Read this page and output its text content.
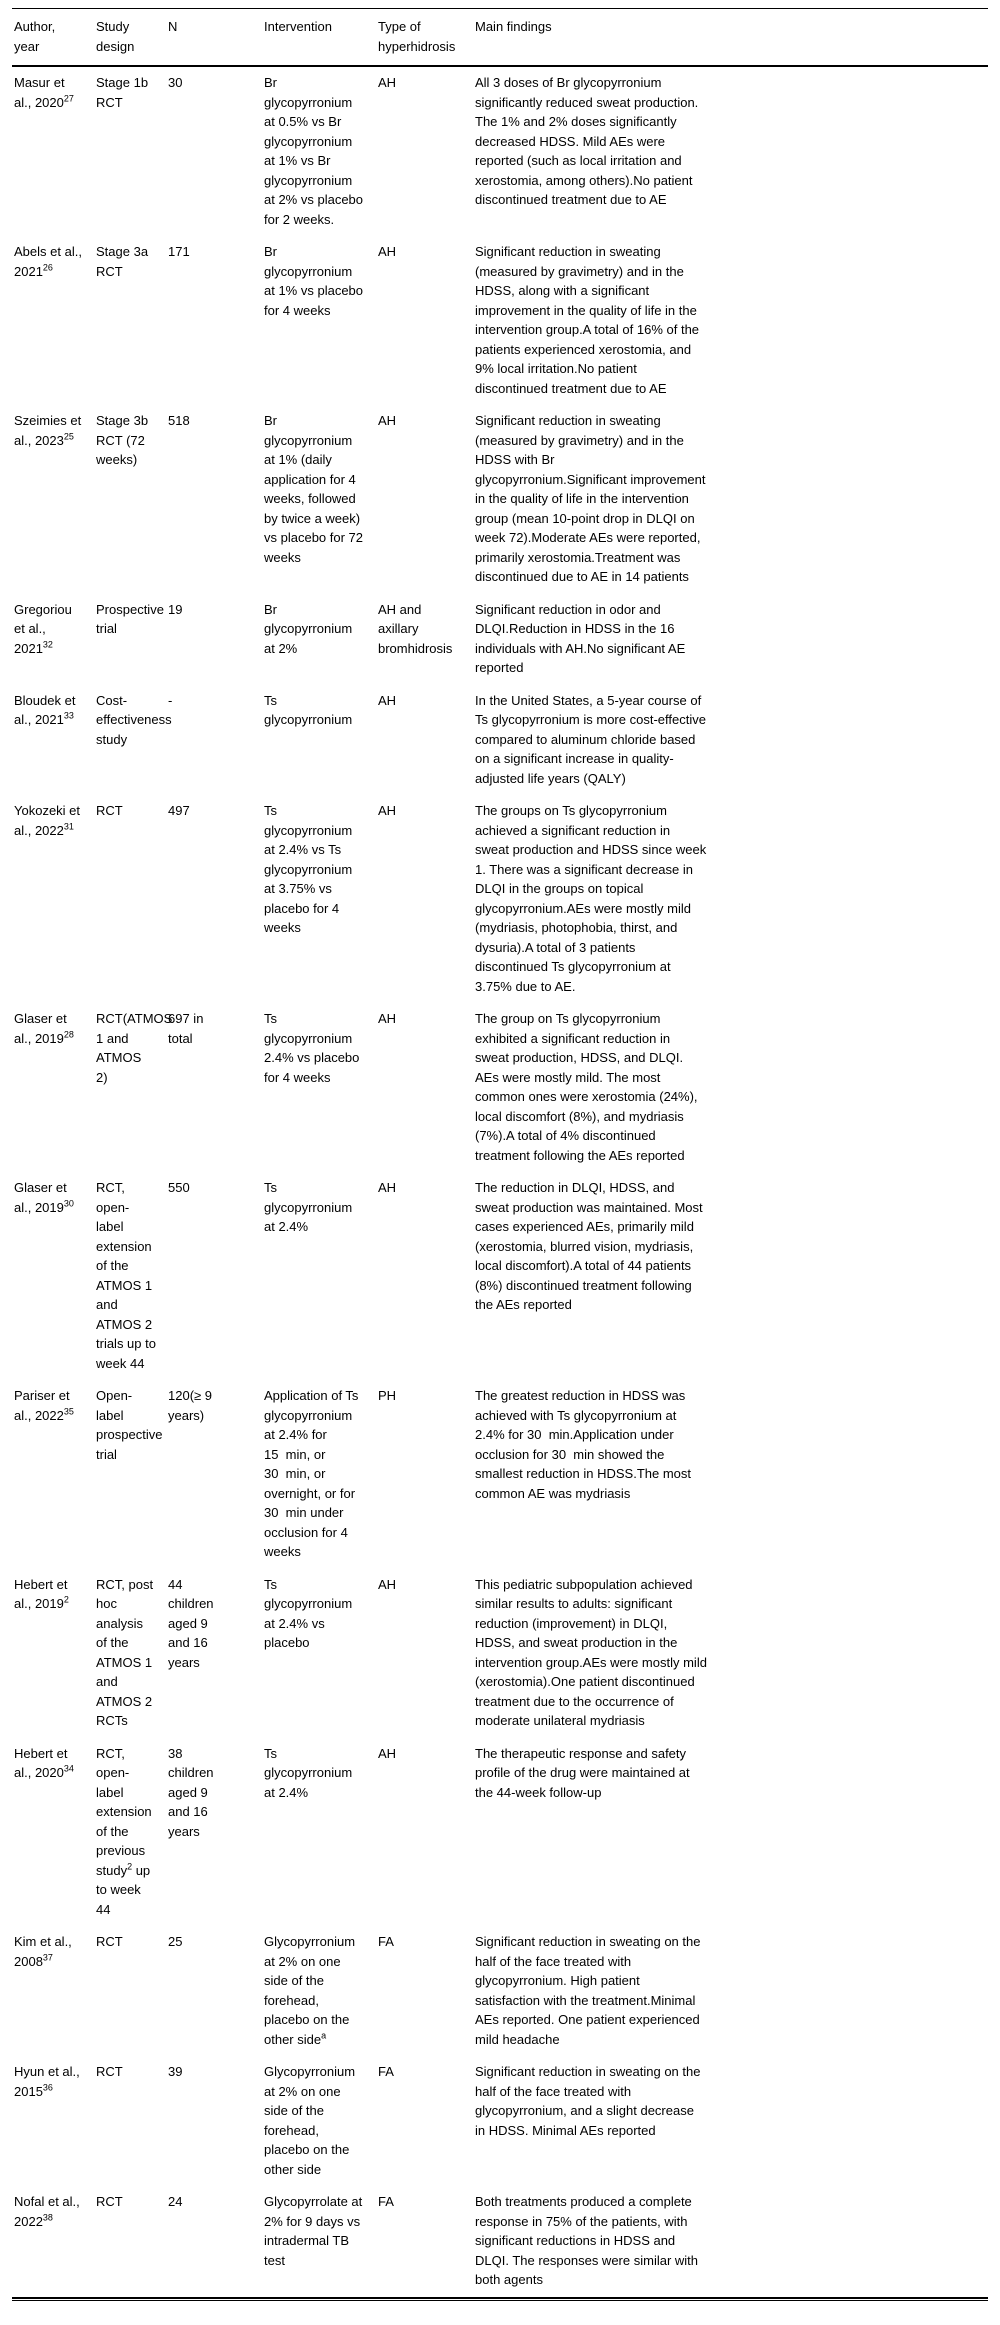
Author, year	Study design	N	Intervention	Type of hyperhidrosis	Main findings
Masur et al., 2020$^{27}$	Stage 1b RCT	30	Br glycopyrronium at 0.5% vs Br glycopyrronium at 1% vs Br glycopyrronium at 2% vs placebo for 2 weeks.	AH	All 3 doses of Br glycopyrronium significantly reduced sweat production. The 1% and 2% doses significantly decreased HDSS. Mild AEs were reported (such as local irritation and xerostomia, among others).No patient discontinued treatment due to AE
Abels et al., 2021$^{26}$	Stage 3a RCT	171	Br glycopyrronium at 1% vs placebo for 4 weeks	AH	Significant reduction in sweating (measured by gravimetry) and in the HDSS, along with a significant improvement in the quality of life in the intervention group.A total of 16% of the patients experienced xerostomia, and 9% local irritation.No patient discontinued treatment due to AE
Szeimies et al., 2023$^{25}$	Stage 3b RCT (72 weeks)	518	Br glycopyrronium at 1% (daily application for 4 weeks, followed by twice a week) vs placebo for 72 weeks	AH	Significant reduction in sweating (measured by gravimetry) and in the HDSS with Br glycopyrronium.Significant improvement in the quality of life in the intervention group (mean 10-point drop in DLQI on week 72).Moderate AEs were reported, primarily xerostomia.Treatment was discontinued due to AE in 14 patients
Gregoriou et al., 2021$^{32}$	Prospective trial	19	Br glycopyrronium at 2%	AH and axillary bromhidrosis	Significant reduction in odor and DLQI.Reduction in HDSS in the 16 individuals with AH.No significant AE reported
Bloudek et al., 2021$^{33}$	Cost-effectiveness study	-	Ts glycopyrronium	AH	In the United States, a 5-year course of Ts glycopyrronium is more cost-effective compared to aluminum chloride based on a significant increase in quality-adjusted life years (QALY)
Yokozeki et al., 2022$^{31}$	RCT	497	Ts glycopyrronium at 2.4% vs Ts glycopyrronium at 3.75% vs placebo for 4 weeks	AH	The groups on Ts glycopyrronium achieved a significant reduction in sweat production and HDSS since week 1. There was a significant decrease in DLQI in the groups on topical glycopyrronium.AEs were mostly mild (mydriasis, photophobia, thirst, and dysuria).A total of 3 patients discontinued Ts glycopyrronium at 3.75% due to AE.
Glaser et al., 2019$^{28}$	RCT(ATMOS 1 and ATMOS 2)	697 in total	Ts glycopyrronium 2.4% vs placebo for 4 weeks	AH	The group on Ts glycopyrronium exhibited a significant reduction in sweat production, HDSS, and DLQI. AEs were mostly mild. The most common ones were xerostomia (24%), local discomfort (8%), and mydriasis (7%).A total of 4% discontinued treatment following the AEs reported
Glaser et al., 2019$^{30}$	RCT, open-label extension of the ATMOS 1 and ATMOS 2 trials up to week 44	550	Ts glycopyrronium at 2.4%	AH	The reduction in DLQI, HDSS, and sweat production was maintained. Most cases experienced AEs, primarily mild (xerostomia, blurred vision, mydriasis, local discomfort).A total of 44 patients (8%) discontinued treatment following the AEs reported
Pariser et al., 2022$^{35}$	Open-label prospective trial	120(≥ 9 years)	Application of Ts glycopyrronium at 2.4% for 15  min, or 30  min, or overnight, or for 30  min under occlusion for 4 weeks	PH	The greatest reduction in HDSS was achieved with Ts glycopyrronium at 2.4% for 30  min.Application under occlusion for 30  min showed the smallest reduction in HDSS.The most common AE was mydriasis
Hebert et al., 2019$^2$	RCT, post hoc analysis of the ATMOS 1 and ATMOS 2 RCTs	44 children aged 9 and 16 years	Ts glycopyrronium at 2.4% vs placebo	AH	This pediatric subpopulation achieved similar results to adults: significant reduction (improvement) in DLQI, HDSS, and sweat production in the intervention group.AEs were mostly mild (xerostomia).One patient discontinued treatment due to the occurrence of moderate unilateral mydriasis
Hebert et al., 2020$^{34}$	RCT, open-label extension of the previous study$^2$ up to week 44	38 children aged 9 and 16 years	Ts glycopyrronium at 2.4%	AH	The therapeutic response and safety profile of the drug were maintained at the 44-week follow-up
Kim et al., 2008$^{37}$	RCT	25	Glycopyrronium at 2% on one side of the forehead, placebo on the other side$^a$	FA	Significant reduction in sweating on the half of the face treated with glycopyrronium. High patient satisfaction with the treatment.Minimal AEs reported. One patient experienced mild headache
Hyun et al., 2015$^{36}$	RCT	39	Glycopyrronium at 2% on one side of the forehead, placebo on the other side	FA	Significant reduction in sweating on the half of the face treated with glycopyrronium, and a slight decrease in HDSS. Minimal AEs reported
Nofal et al., 2022$^{38}$	RCT	24	Glycopyrrolate at 2% for 9 days vs intradermal TB test	FA	Both treatments produced a complete response in 75% of the patients, with significant reductions in HDSS and DLQI. The responses were similar with both agents
